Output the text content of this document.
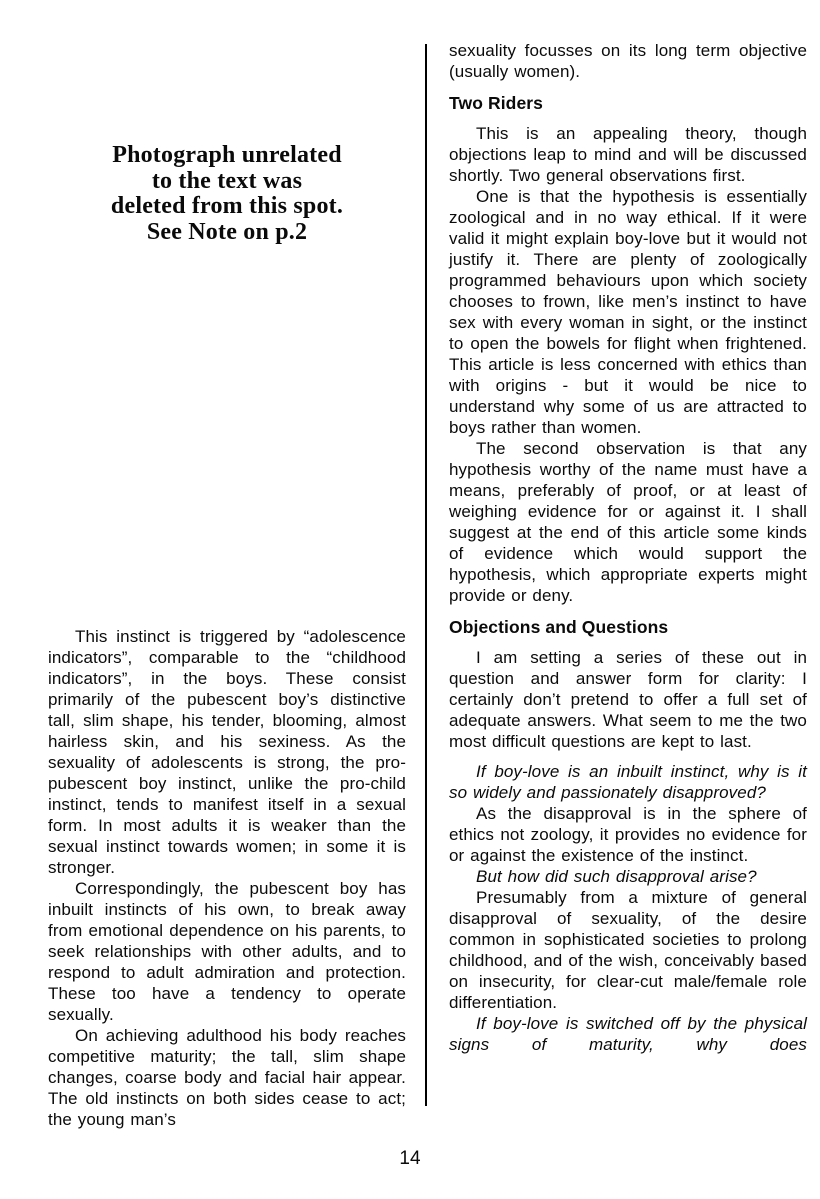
Photograph unrelated
to the text was
deleted from this spot.
See Note on p.2

This instinct is triggered by “adolescence indicators”, comparable to the “childhood indicators”, in the boys. These consist primarily of the pubescent boy’s distinctive tall, slim shape, his tender, blooming, almost hairless skin, and his sexiness. As the sexuality of adolescents is strong, the pro-pubescent boy instinct, unlike the pro-child instinct, tends to manifest itself in a sexual form. In most adults it is weaker than the sexual instinct towards women; in some it is stronger.

Correspondingly, the pubescent boy has inbuilt instincts of his own, to break away from emotional dependence on his parents, to seek relationships with other adults, and to respond to adult admiration and protection. These too have a tendency to operate sexually.

On achieving adulthood his body reaches competitive maturity; the tall, slim shape changes, coarse body and facial hair appear. The old instincts on both sides cease to act; the young man’s

sexuality focusses on its long term objective (usually women).

Two Riders

This is an appealing theory, though objections leap to mind and will be discussed shortly. Two general observations first.

One is that the hypothesis is essentially zoological and in no way ethical. If it were valid it might explain boy-love but it would not justify it. There are plenty of zoologically programmed behaviours upon which society chooses to frown, like men’s instinct to have sex with every woman in sight, or the instinct to open the bowels for flight when frightened. This article is less concerned with ethics than with origins - but it would be nice to understand why some of us are attracted to boys rather than women.

The second observation is that any hypothesis worthy of the name must have a means, preferably of proof, or at least of weighing evidence for or against it. I shall suggest at the end of this article some kinds of evidence which would support the hypothesis, which appropriate experts might provide or deny.

Objections and Questions

I am setting a series of these out in question and answer form for clarity: I certainly don’t pretend to offer a full set of adequate answers. What seem to me the two most difficult questions are kept to last.

If boy-love is an inbuilt instinct, why is it so widely and passionately disapproved?

As the disapproval is in the sphere of ethics not zoology, it provides no evidence for or against the existence of the instinct.

But how did such disapproval arise?

Presumably from a mixture of general disapproval of sexuality, of the desire common in sophisticated societies to prolong childhood, and of the wish, conceivably based on insecurity, for clear-cut male/female role differentiation.

If boy-love is switched off by the physical signs of maturity, why does

14
